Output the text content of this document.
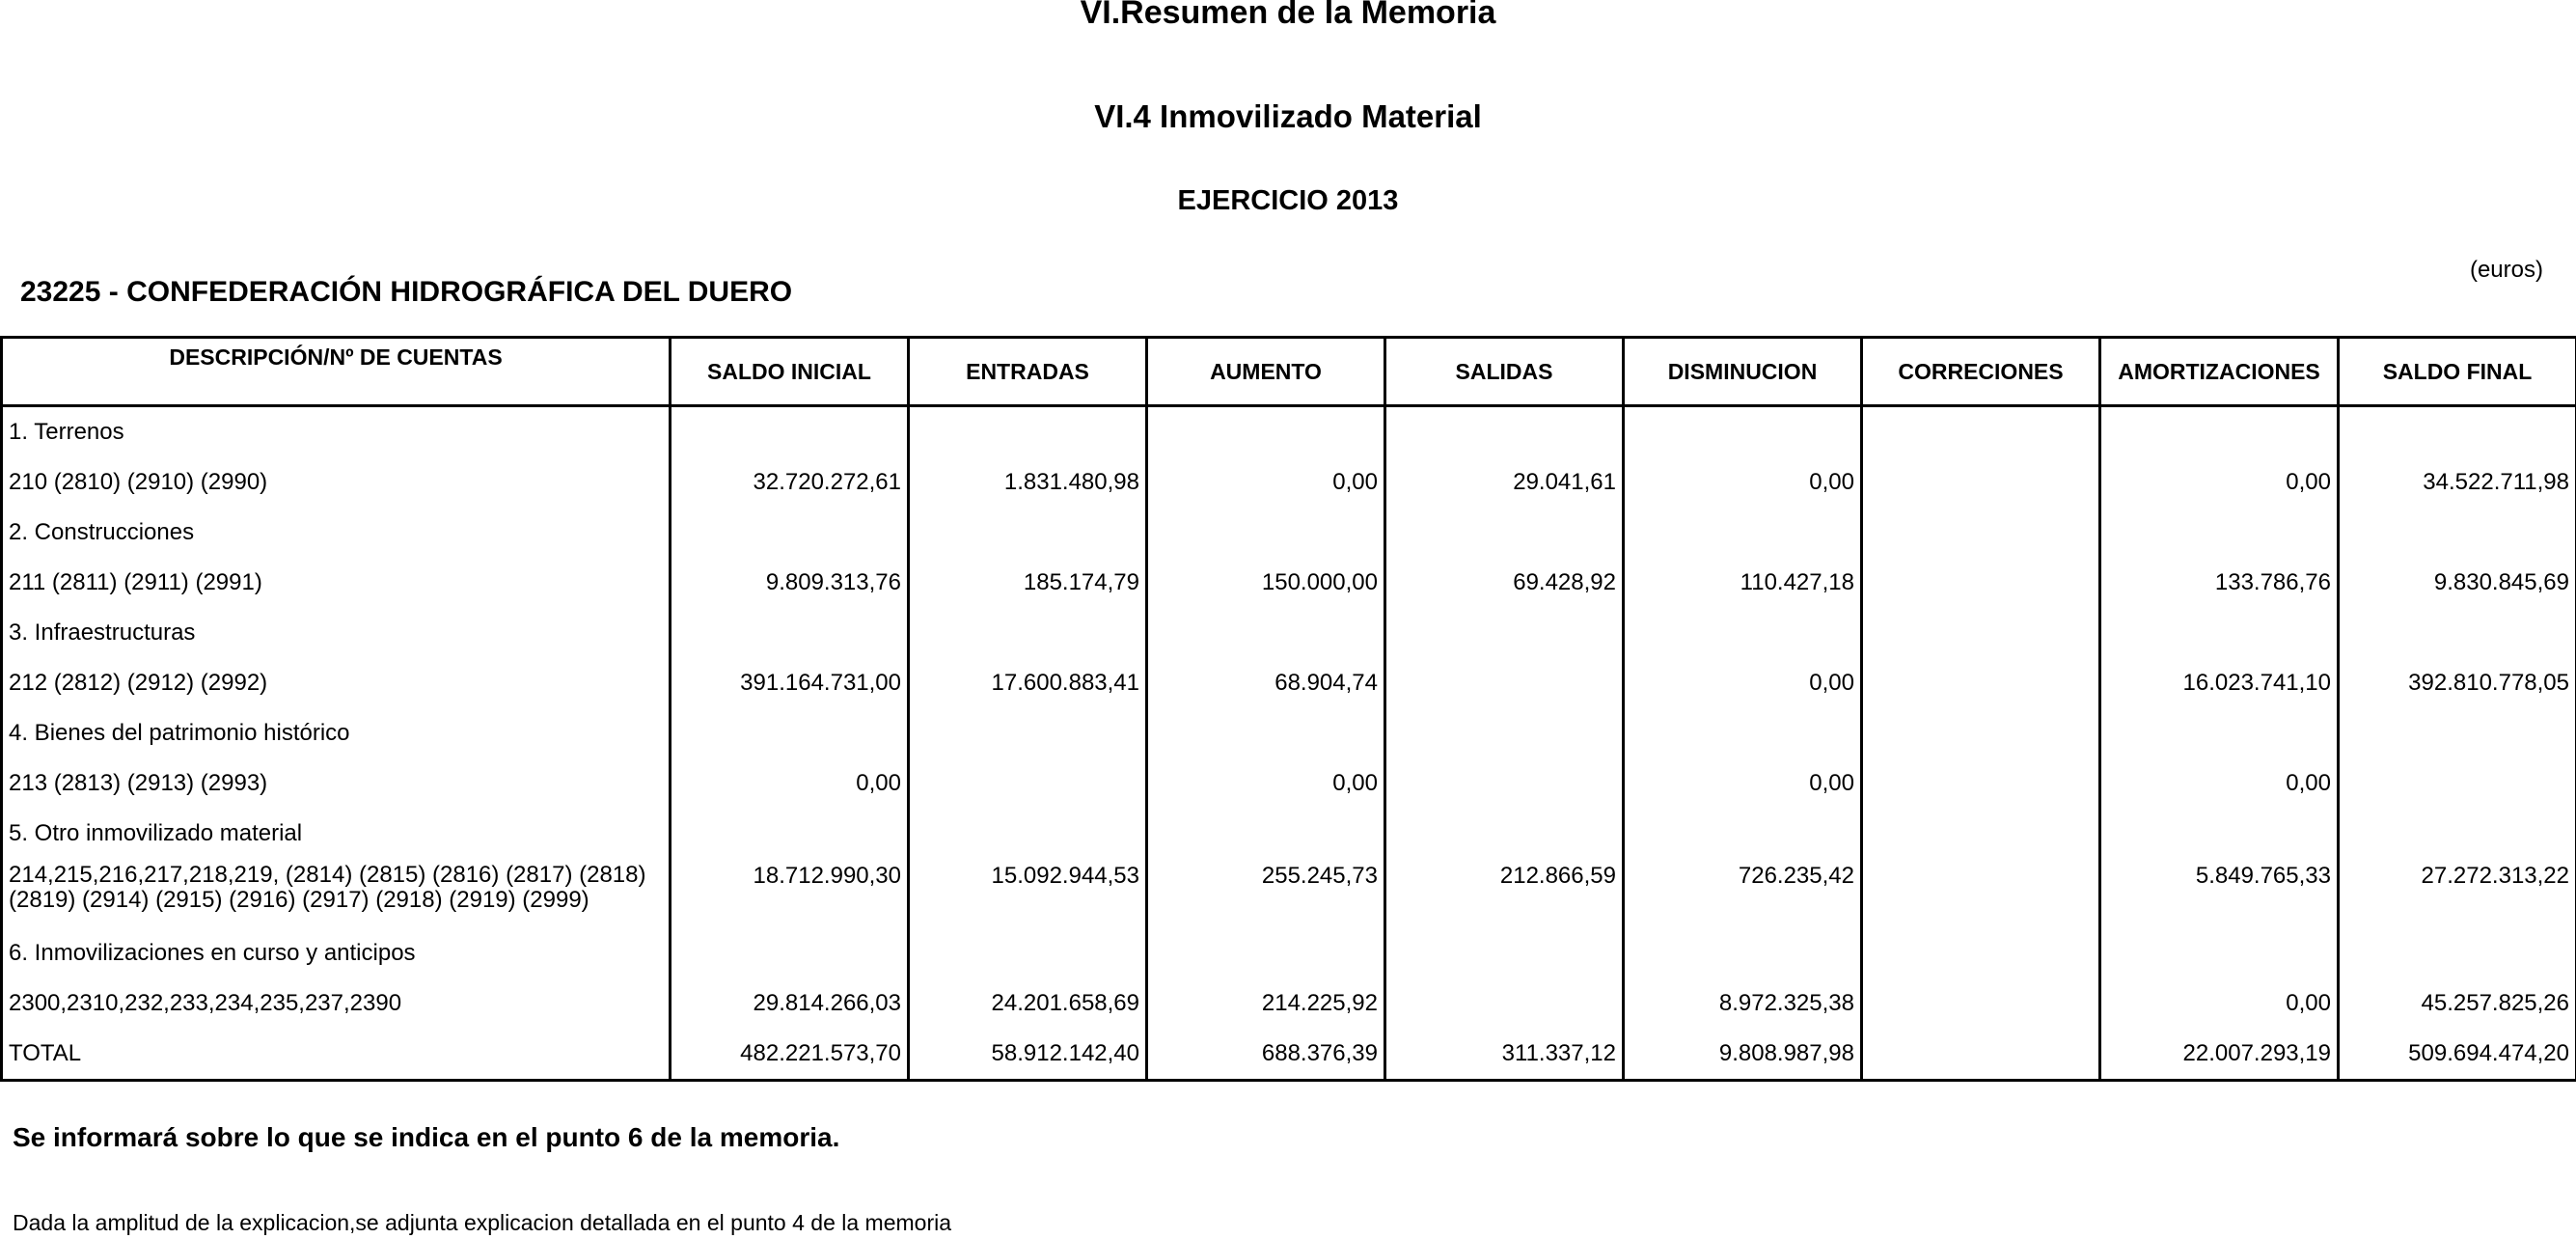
VI.Resumen de la Memoria
VI.4 Inmovilizado Material
EJERCICIO 2013
(euros)
23225 - CONFEDERACIÓN HIDROGRÁFICA DEL DUERO
DESCRIPCIÓN/Nº DE CUENTAS	SALDO INICIAL	ENTRADAS	AUMENTO	SALIDAS	DISMINUCION	CORRECIONES	AMORTIZACIONES	SALDO FINAL
1. Terrenos								
210 (2810) (2910) (2990)	32.720.272,61	1.831.480,98	0,00	29.041,61	0,00		0,00	34.522.711,98
2. Construcciones								
211 (2811) (2911) (2991)	9.809.313,76	185.174,79	150.000,00	69.428,92	110.427,18		133.786,76	9.830.845,69
3. Infraestructuras								
212 (2812) (2912) (2992)	391.164.731,00	17.600.883,41	68.904,74		0,00		16.023.741,10	392.810.778,05
4. Bienes del patrimonio histórico								
213 (2813) (2913) (2993)	0,00		0,00		0,00		0,00	
5. Otro inmovilizado material								
214,215,216,217,218,219, (2814) (2815) (2816) (2817) (2818) (2819) (2914) (2915) (2916) (2917) (2918) (2919) (2999)	18.712.990,30	15.092.944,53	255.245,73	212.866,59	726.235,42		5.849.765,33	27.272.313,22
6. Inmovilizaciones en curso y anticipos								
2300,2310,232,233,234,235,237,2390	29.814.266,03	24.201.658,69	214.225,92		8.972.325,38		0,00	45.257.825,26
TOTAL	482.221.573,70	58.912.142,40	688.376,39	311.337,12	9.808.987,98		22.007.293,19	509.694.474,20
Se informará sobre lo que se indica en el punto 6 de la memoria.
Dada la amplitud de la explicacion,se adjunta explicacion detallada en el punto 4 de la memoria
